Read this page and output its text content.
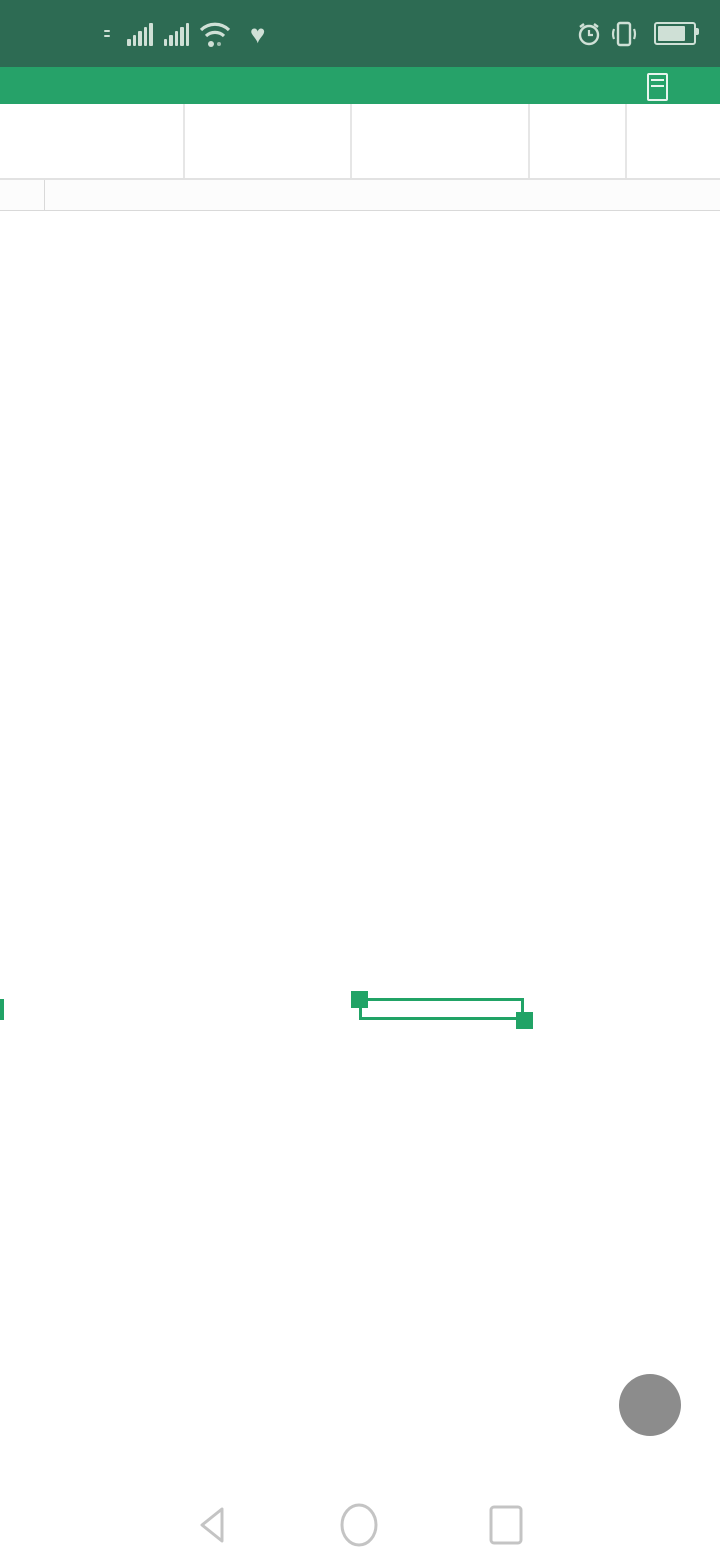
♥
